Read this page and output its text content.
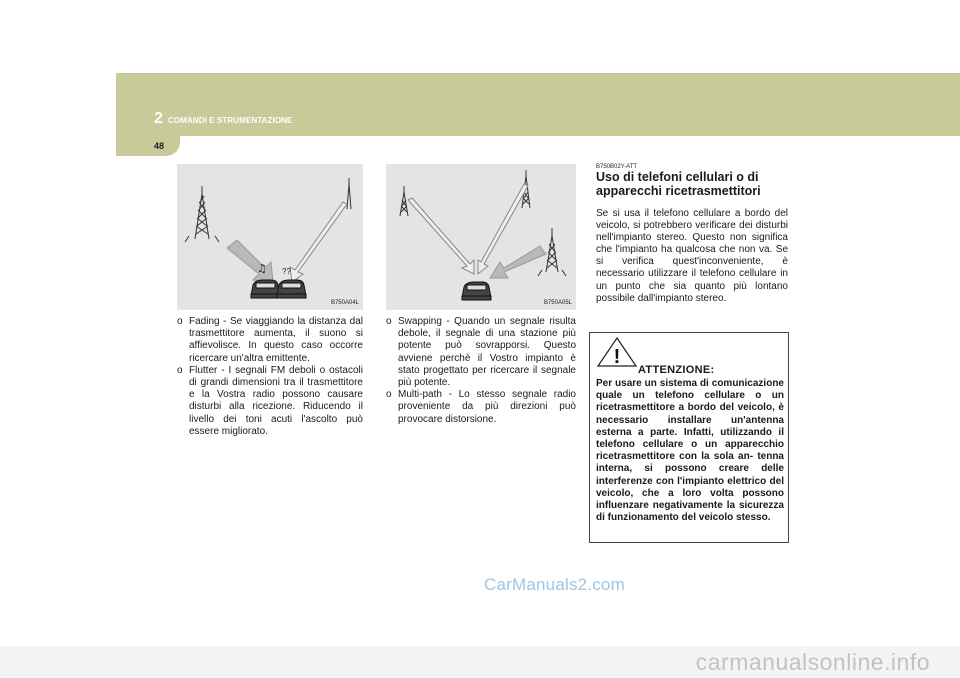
2 COMANDI E STRUMENTAZIONE
48
♫ ??
B750A04L	B750A05L

o Fading - Se viaggiando la distanza dal trasmettitore aumenta, il suono si affievolisce. In questo caso occorre ricercare un'altra emittente.

o Flutter - I segnali FM deboli o ostacoli di grandi dimensioni tra il trasmettitore e la Vostra radio possono causare disturbi alla ricezione. Riducendo il livello dei toni acuti l'ascolto può essere migliorato.

o Swapping - Quando un segnale risulta debole, il segnale di una stazione più potente può sovrapporsi. Questo avviene perchè il Vostro impianto è stato progettato per ricercare il segnale più potente.

o Multi-path - Lo stesso segnale radio proveniente da più direzioni può provocare distorsione.

B750B02Y-ATT
Uso di telefoni cellulari o di apparecchi ricetrasmettitori
Se si usa il telefono cellulare a bordo del veicolo, si potrebbero verificare dei disturbi nell'impianto stereo. Questo non significa che l'impianto ha qualcosa che non va. Se si verifica quest'inconveniente, è necessario utilizzare il telefono cellulare in un punto che sia quanto più lontano possibile dall'impianto stereo.
!
ATTENZIONE:
Per usare un sistema di comunicazione quale un telefono cellulare o un ricetrasmettitore a bordo del veicolo, è necessario installare un'antenna esterna a parte. Infatti, utilizzando il telefono cellulare o un apparecchio ricetrasmettitore con la sola an- tenna interna, si possono creare delle interferenze con l'impianto elettrico del veicolo, che a loro volta possono influenzare negativamente la sicurezza di funzionamento del veicolo stesso.
CarManuals2.com
carmanualsonline.info
